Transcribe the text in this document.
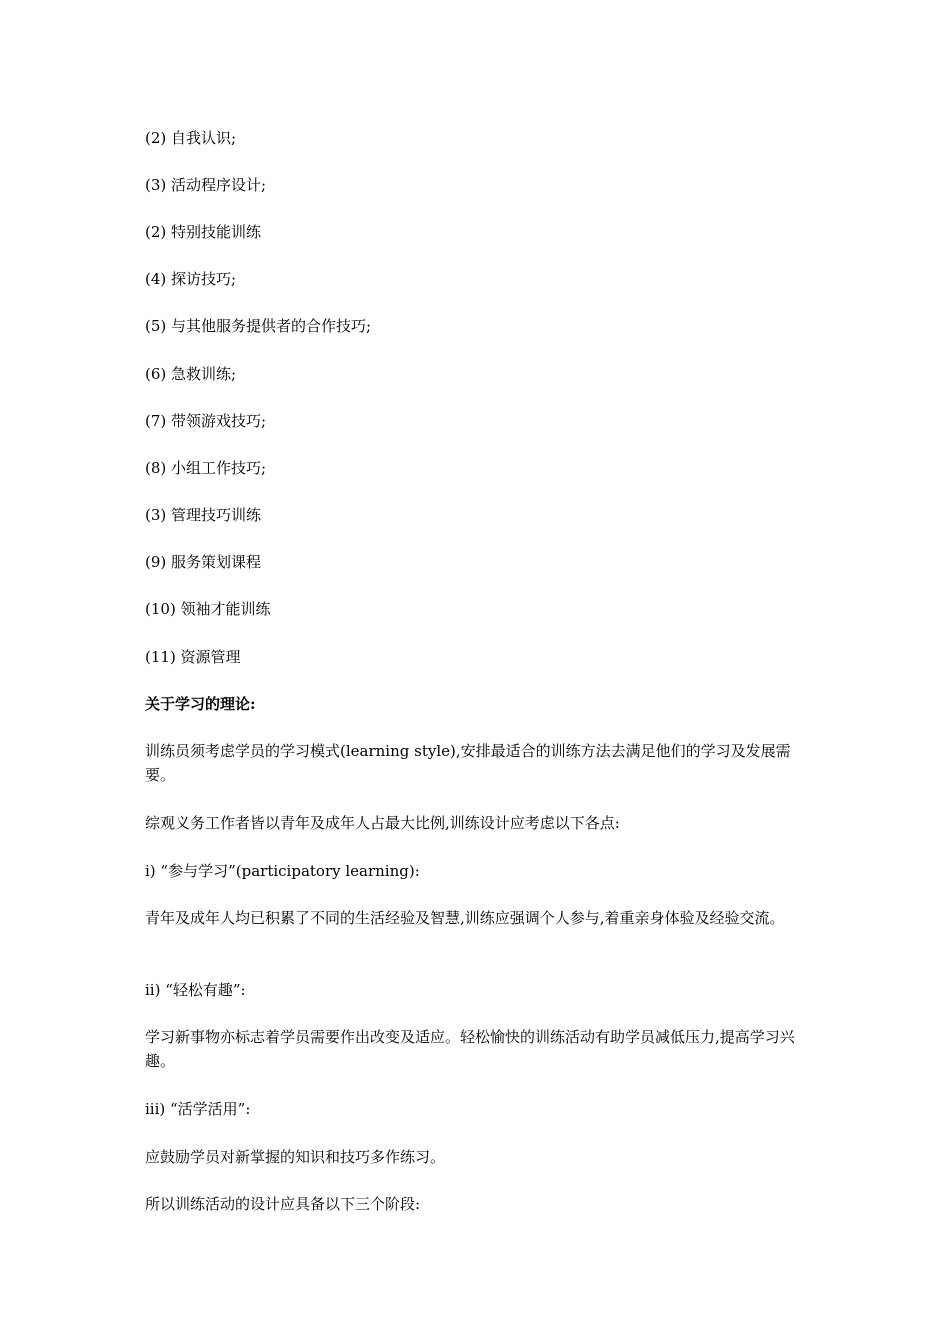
(2) 自我认识;
(3) 活动程序设计;
(2) 特别技能训练
(4) 探访技巧;
(5) 与其他服务提供者的合作技巧;
(6) 急救训练;
(7) 带领游戏技巧;
(8) 小组工作技巧;
(3) 管理技巧训练
(9) 服务策划课程
(10) 领袖才能训练
(11) 资源管理
关于学习的理论:
训练员须考虑学员的学习模式(learning style),安排最适合的训练方法去满足他们的学习及发展需要。
综观义务工作者皆以青年及成年人占最大比例,训练设计应考虑以下各点:
i) “参与学习”(participatory learning):
青年及成年人均已积累了不同的生活经验及智慧,训练应强调个人参与,着重亲身体验及经验交流。
ii) “轻松有趣”:
学习新事物亦标志着学员需要作出改变及适应。轻松愉快的训练活动有助学员减低压力,提高学习兴趣。
iii) “活学活用”:
应鼓励学员对新掌握的知识和技巧多作练习。
所以训练活动的设计应具备以下三个阶段:
